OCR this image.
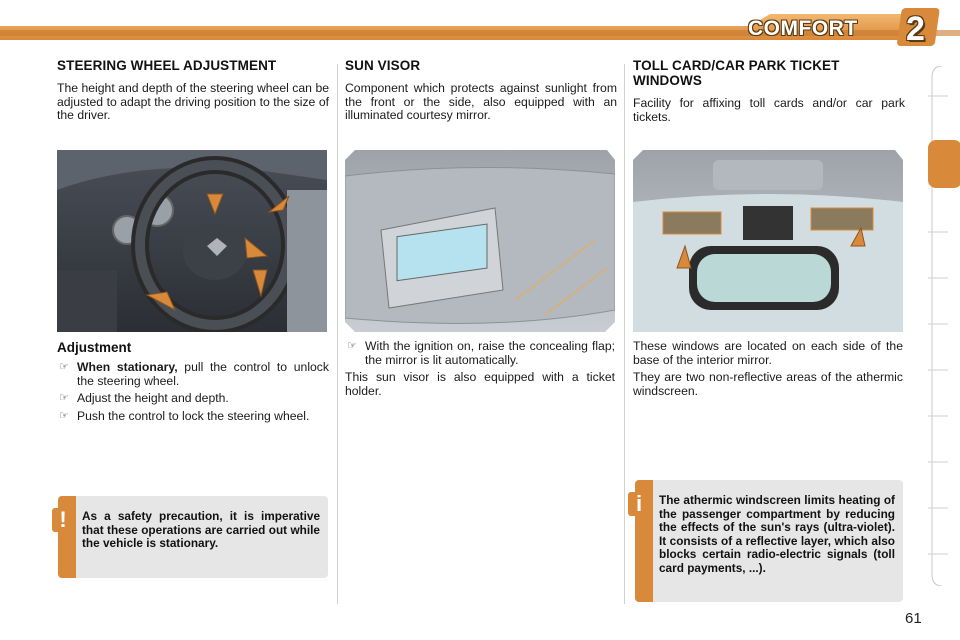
COMFORT 2
STEERING WHEEL ADJUSTMENT

The height and depth of the steering wheel can be adjusted to adapt the driving position to the size of the driver.

Adjustment
☞ When stationary, pull the control to unlock the steering wheel.
☞ Adjust the height and depth.
☞ Push the control to lock the steering wheel.
As a safety precaution, it is imperative that these operations are carried out while the vehicle is stationary.
!
SUN VISOR

Component which protects against sunlight from the front or the side, also equipped with an illuminated courtesy mirror.

☞ With the ignition on, raise the concealing flap; the mirror is lit automatically.

This sun visor is also equipped with a ticket holder.

TOLL CARD/CAR PARK TICKET WINDOWS

Facility for affixing toll cards and/or car park tickets.

These windows are located on each side of the base of the interior mirror.

They are two non-reflective areas of the athermic windscreen.

The athermic windscreen limits heating of the passenger compartment by reducing the effects of the sun's rays (ultra-violet). It consists of a reflective layer, which also blocks certain radio-electric signals (toll card payments, ...).
i
61
